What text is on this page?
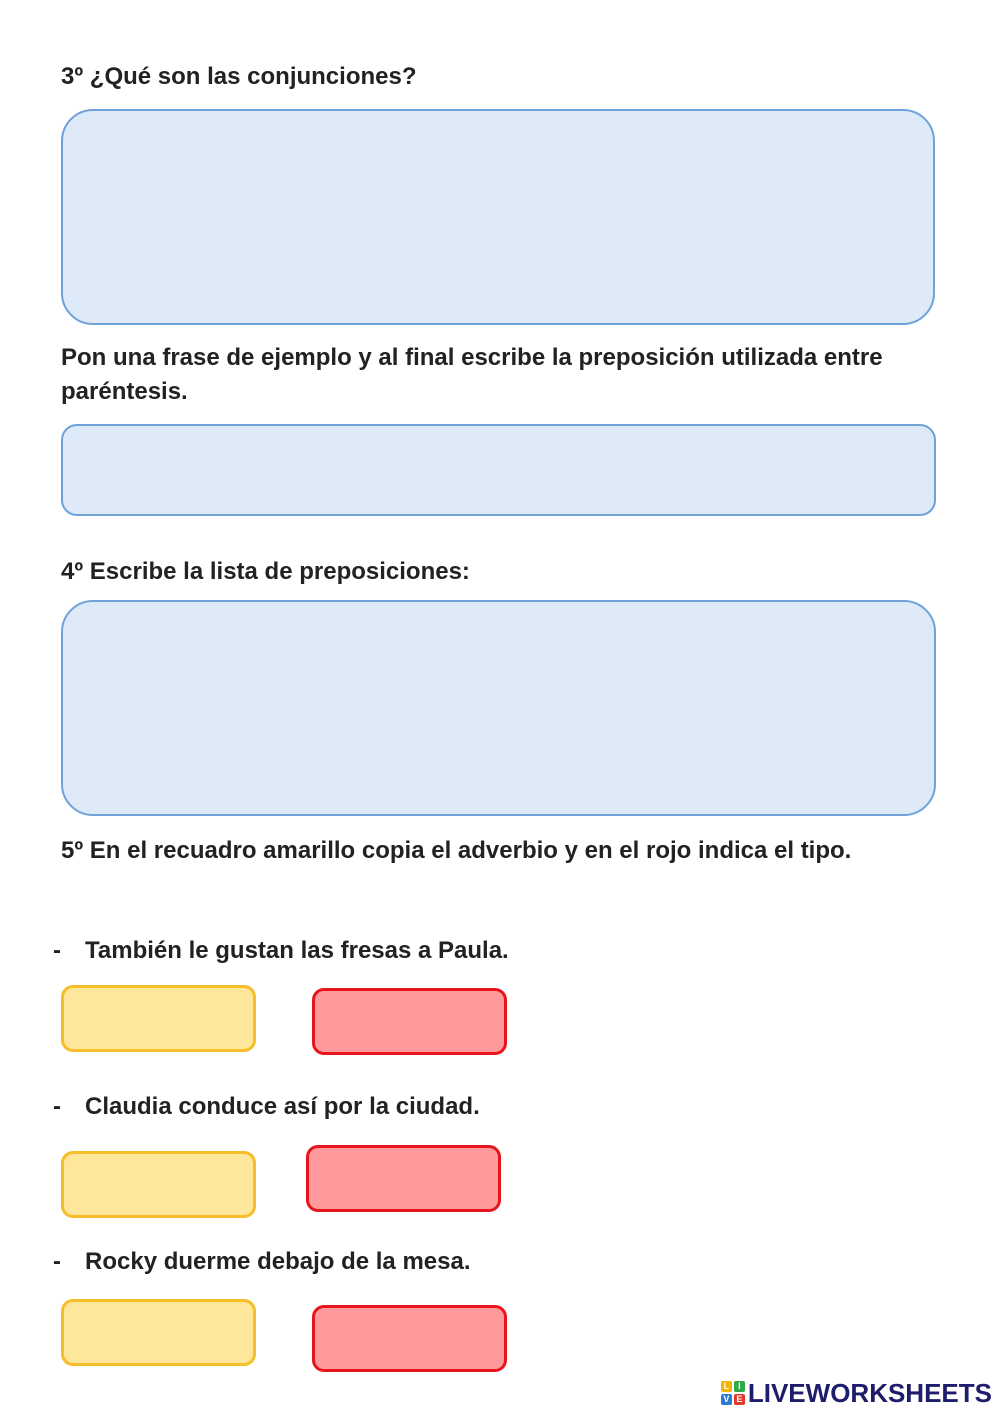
3º ¿Qué son las conjunciones?
Pon una frase de ejemplo y al final escribe la preposición utilizada entre paréntesis.
4º Escribe la lista de preposiciones:
5º En el recuadro amarillo copia el adverbio y en el rojo indica el tipo.
- También le gustan las fresas a Paula.
- Claudia conduce así por la ciudad.
- Rocky duerme debajo de la mesa.
L I
V E LIVEWORKSHEETS
